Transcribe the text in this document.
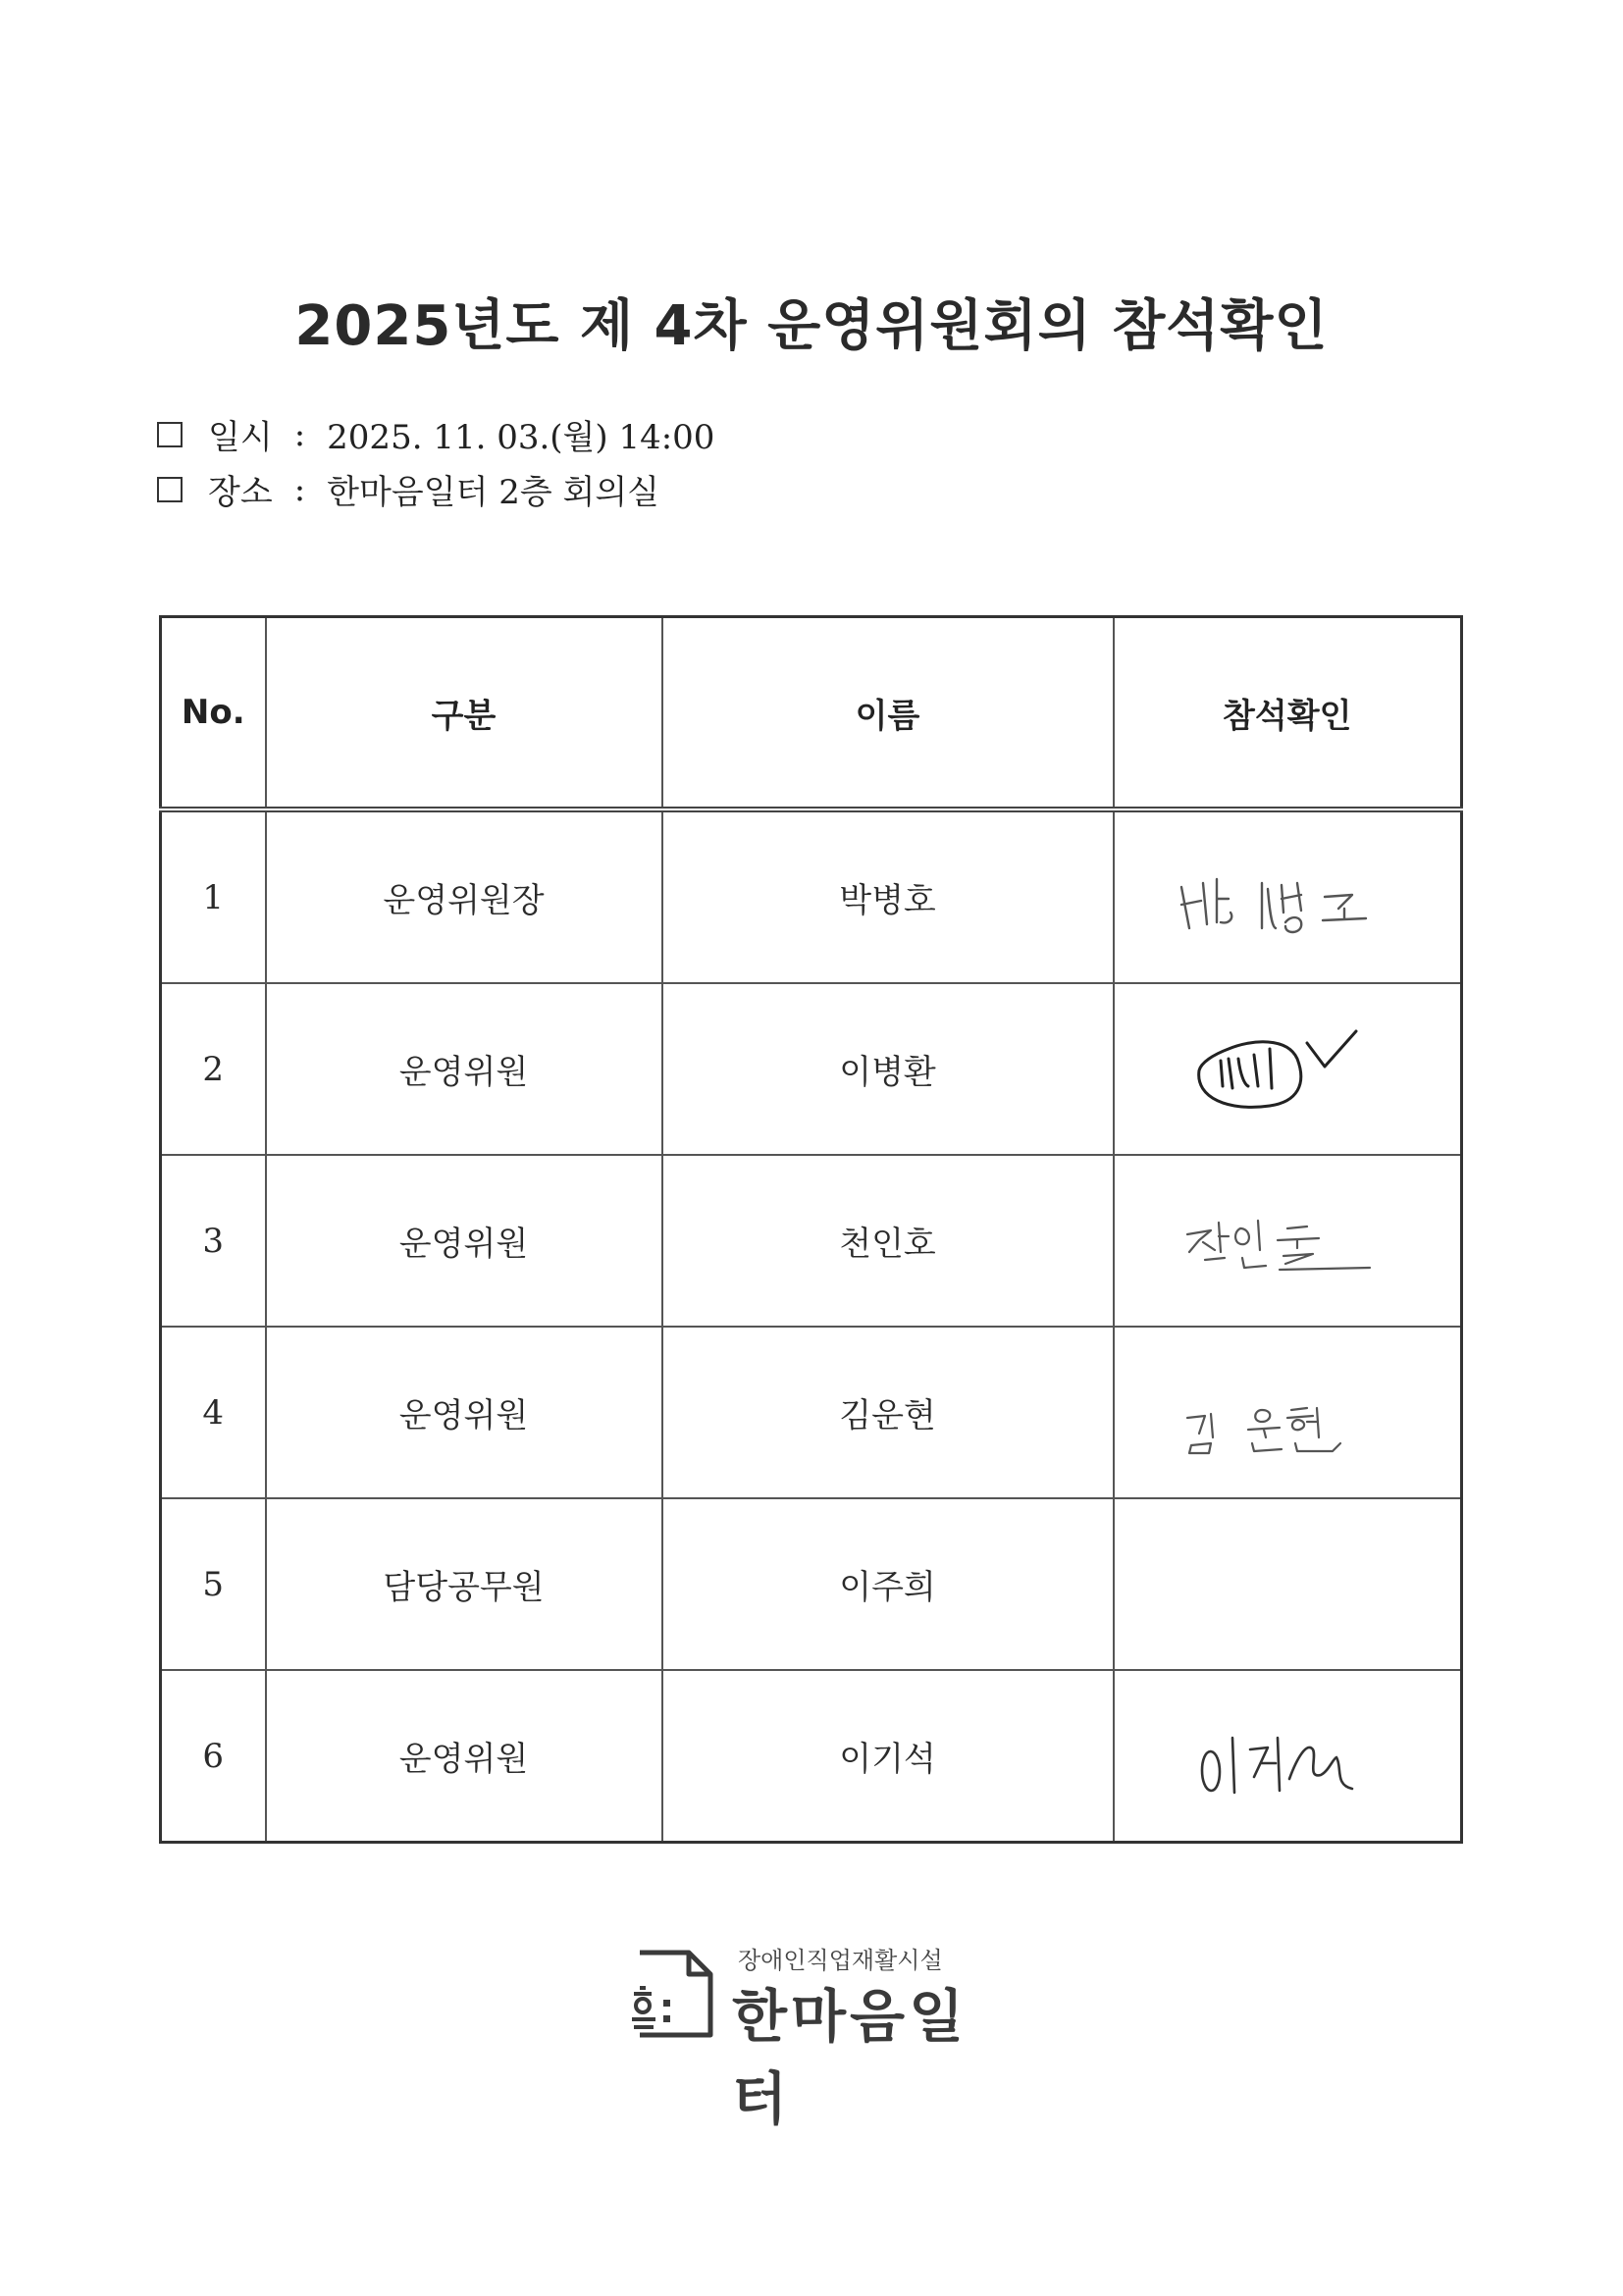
2025년도 제 4차 운영위원회의 참석확인
일시 : 2025. 11. 03.(월) 14:00
장소 : 한마음일터 2층 회의실
No.	구분	이름	참석확인
1	운영위원장	박병호	

2	운영위원	이병환	

3	운영위원	천인호	

4	운영위원	김운현	

5	담당공무원	이주희	
6	운영위원	이기석	
장애인직업재활시설
한마음일터
